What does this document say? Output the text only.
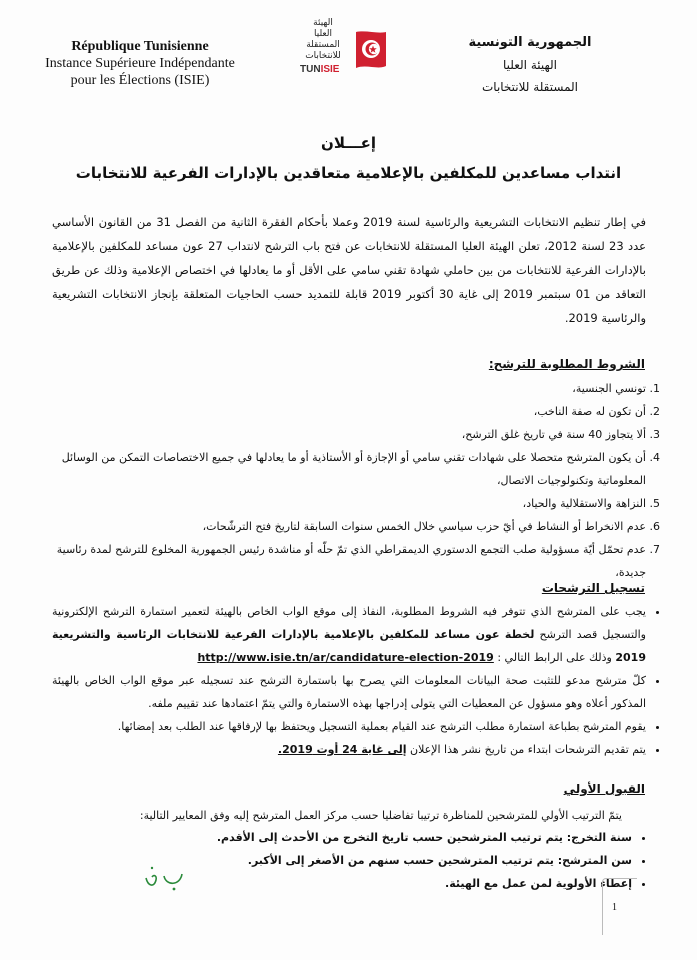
République Tunisienne
Instance Supérieure Indépendante
pour les Élections (ISIE)
الهيئة
العليا
المستقلة
للانتخابات
TUNISIE
الجمهورية التونسية
الهيئة العليا
المستقلة للانتخابات
إعـــلان
انتداب مساعدين للمكلفين بالإعلامية متعاقدين بالإدارات الفرعية للانتخابات
في إطار تنظيم الانتخابات التشريعية والرئاسية لسنة 2019 وعملا بأحكام الفقرة الثانية من الفصل 31 من القانون الأساسي عدد 23 لسنة 2012، تعلن الهيئة العليا المستقلة للانتخابات عن فتح باب الترشح لانتداب 27 عون مساعد للمكلفين بالإعلامية بالإدارات الفرعية للانتخابات من بين حاملي شهادة تقني سامي على الأقل أو ما يعادلها في اختصاص الإعلامية وذلك عن طريق التعاقد من 01 سبتمبر 2019 إلى غاية 30 أكتوبر 2019 قابلة للتمديد حسب الحاجيات المتعلقة بإنجاز الانتخابات التشريعية والرئاسية 2019.
الشروط المطلوبة للترشح:
1. تونسي الجنسية،
2. أن تكون له صفة الناخب،
3. ألا يتجاوز 40 سنة في تاريخ غلق الترشح،
4. أن يكون المترشح متحصلا على شهادات تقني سامي أو الإجازة أو الأستاذية أو ما يعادلها في جميع الاختصاصات التمكن من الوسائل المعلوماتية وتكنولوجيات الاتصال،
5. النزاهة والاستقلالية والحياد،
6. عدم الانخراط أو النشاط في أيّ حزب سياسي خلال الخمس سنوات السابقة لتاريخ فتح الترشّحات،
7. عدم تحمّل أيّة مسؤولية صلب التجمع الدستوري الديمقراطي الذي تمّ حلّه أو مناشدة رئيس الجمهورية المخلوع للترشح لمدة رئاسية جديدة،
تسجيل الترشحات
• يجب على المترشح الذي تتوفر فيه الشروط المطلوبة، النفاذ إلى موقع الواب الخاص بالهيئة لتعمير استمارة الترشح الإلكترونية والتسجيل قصد الترشح لخطة عون مساعد للمكلفين بالإعلامية بالإدارات الفرعية للانتخابات الرئاسية والتشريعية 2019 وذلك على الرابط التالي : http://www.isie.tn/ar/candidature-election-2019
• كلّ مترشح مدعو للتثبت صحة البيانات المعلومات التي يصرح بها باستمارة الترشح عند تسجيله عبر موقع الواب الخاص بالهيئة المذكور أعلاه وهو مسؤول عن المعطيات التي يتولى إدراجها بهذه الاستمارة والتي يتمّ اعتمادها عند تقييم ملفه.
• يقوم المترشح بطباعة استمارة مطلب الترشح عند القيام بعملية التسجيل ويحتفظ بها لإرفاقها عند الطلب بعد إمضائها.
• يتم تقديم الترشحات ابتداء من تاريخ نشر هذا الإعلان إلى غاية 24 أوت 2019.
القبول الأولي
يتمّ الترتيب الأولي للمترشحين للمناظرة ترتيبا تفاضليا حسب مركز العمل المترشح إليه وفق المعايير التالية:
• سنة التخرج: يتم ترتيب المترشحين حسب تاريخ التخرج من الأحدث إلى الأقدم.
• سن المترشح: يتم ترتيب المترشحين حسب سنهم من الأصغر إلى الأكبر.
• إعطاء الأولوية لمن عمل مع الهيئة.
1
